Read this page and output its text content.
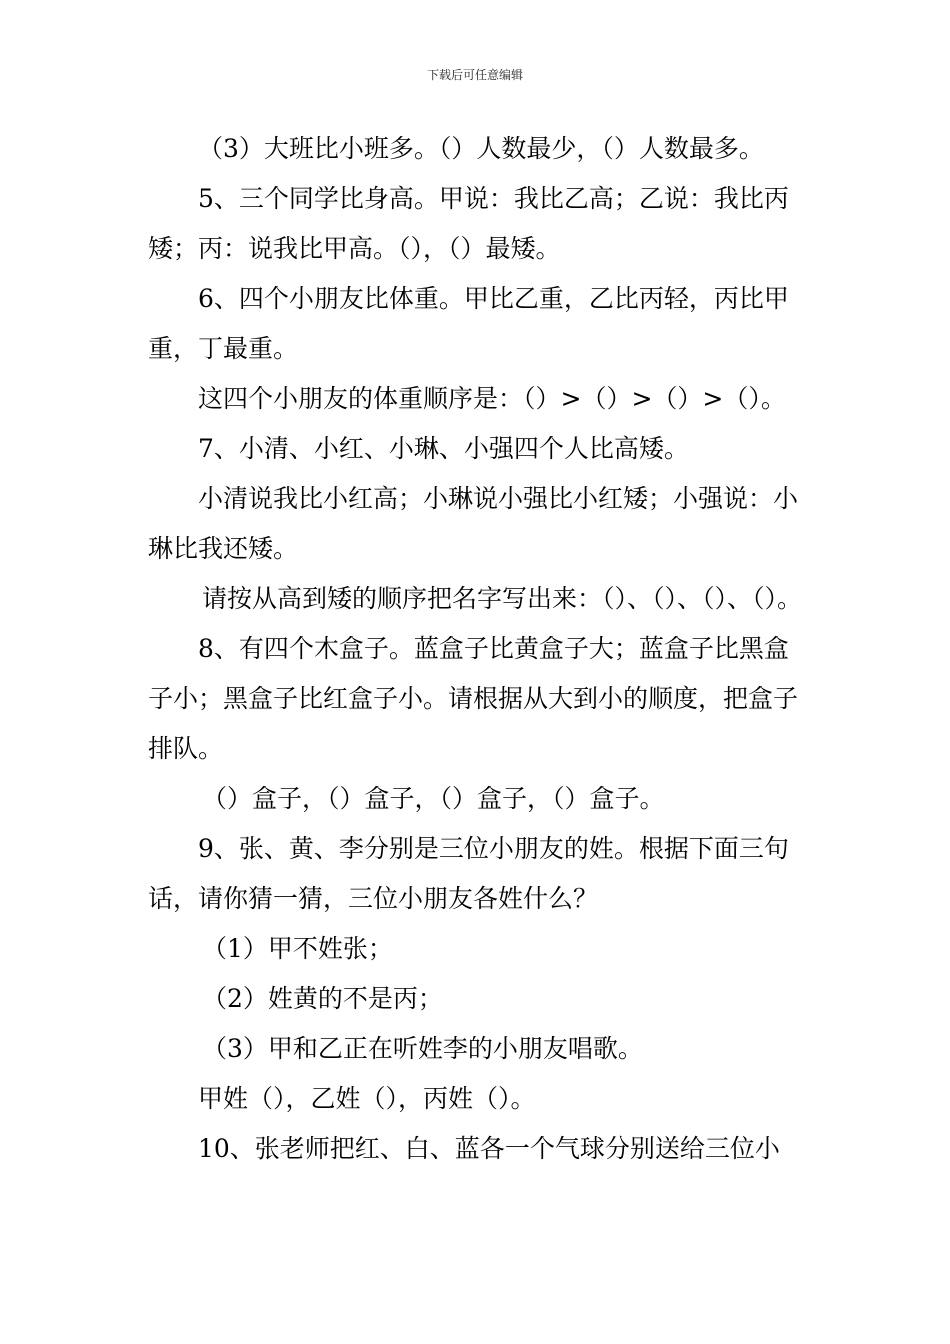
下载后可任意编辑

（3）大班比小班多。（）人数最少，（）人数最多。

5、三个同学比身高。甲说：我比乙高；乙说：我比丙矮；丙：说我比甲高。（），（）最矮。

6、四个小朋友比体重。甲比乙重，乙比丙轻，丙比甲重，丁最重。

这四个小朋友的体重顺序是：（）>（）>（）>（）。

7、小清、小红、小琳、小强四个人比高矮。

小清说我比小红高；小琳说小强比小红矮；小强说：小琳比我还矮。

请按从高到矮的顺序把名字写出来：（）、（）、（）、（）。

8、有四个木盒子。蓝盒子比黄盒子大；蓝盒子比黑盒子小；黑盒子比红盒子小。请根据从大到小的顺度，把盒子排队。

（）盒子，（）盒子，（）盒子，（）盒子。

9、张、黄、李分别是三位小朋友的姓。根据下面三句话，请你猜一猜，三位小朋友各姓什么？

（1）甲不姓张；

（2）姓黄的不是丙；

（3）甲和乙正在听姓李的小朋友唱歌。

甲姓（），乙姓（），丙姓（）。

10、张老师把红、白、蓝各一个气球分别送给三位小
